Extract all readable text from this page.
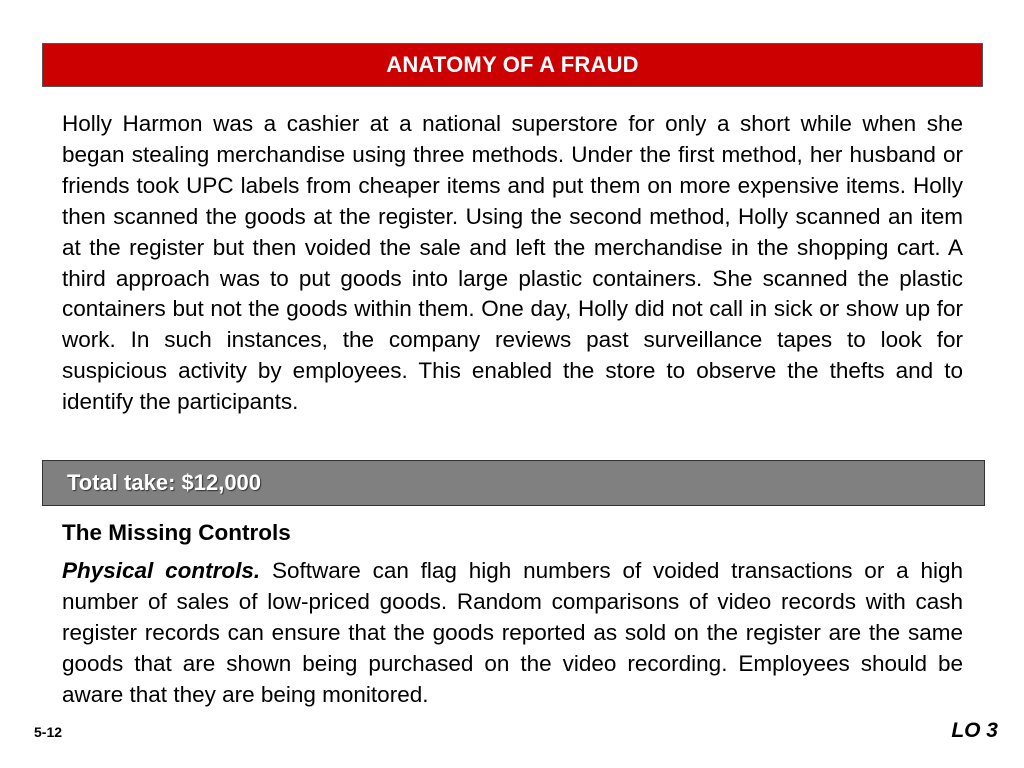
ANATOMY OF A FRAUD

Holly Harmon was a cashier at a national superstore for only a short while when she began stealing merchandise using three methods. Under the first method, her husband or friends took UPC labels from cheaper items and put them on more expensive items. Holly then scanned the goods at the register. Using the second method, Holly scanned an item at the register but then voided the sale and left the merchandise in the shopping cart. A third approach was to put goods into large plastic containers. She scanned the plastic containers but not the goods within them. One day, Holly did not call in sick or show up for work. In such instances, the company reviews past surveillance tapes to look for suspicious activity by employees. This enabled the store to observe the thefts and to identify the participants.

Total take: $12,000

The Missing Controls

Physical controls. Software can flag high numbers of voided transactions or a high number of sales of low-priced goods. Random comparisons of video records with cash register records can ensure that the goods reported as sold on the register are the same goods that are shown being purchased on the video recording. Employees should be aware that they are being monitored.

5-12	LO 3
